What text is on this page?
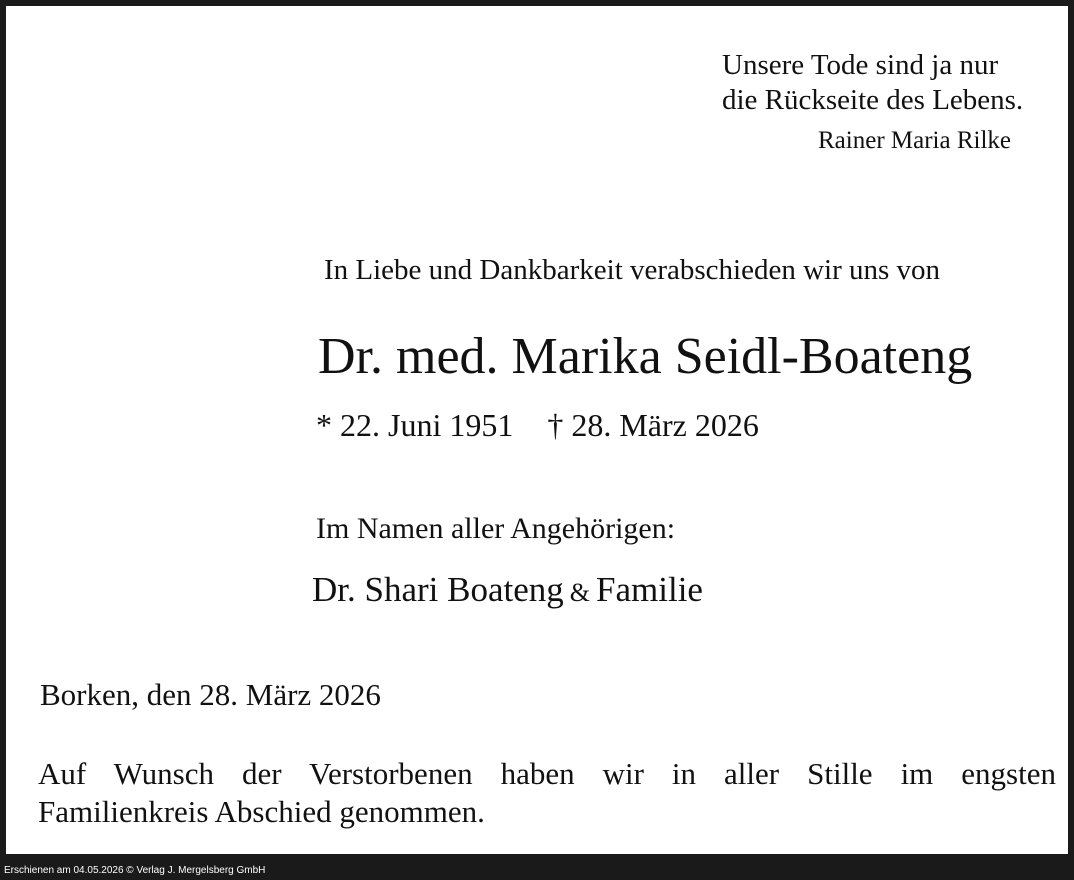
Unsere Tode sind ja nur
die Rückseite des Lebens.
Rainer Maria Rilke
In Liebe und Dankbarkeit verabschieden wir uns von
Dr. med. Marika Seidl-Boateng
* 22. Juni 1951 † 28. März 2026
Im Namen aller Angehörigen:
Dr. Shari Boateng & Familie
Borken, den 28. März 2026
Auf Wunsch der Verstorbenen haben wir in aller Stille im engsten
Familienkreis Abschied genommen.
Erschienen am 04.05.2026 © Verlag J. Mergelsberg GmbH
